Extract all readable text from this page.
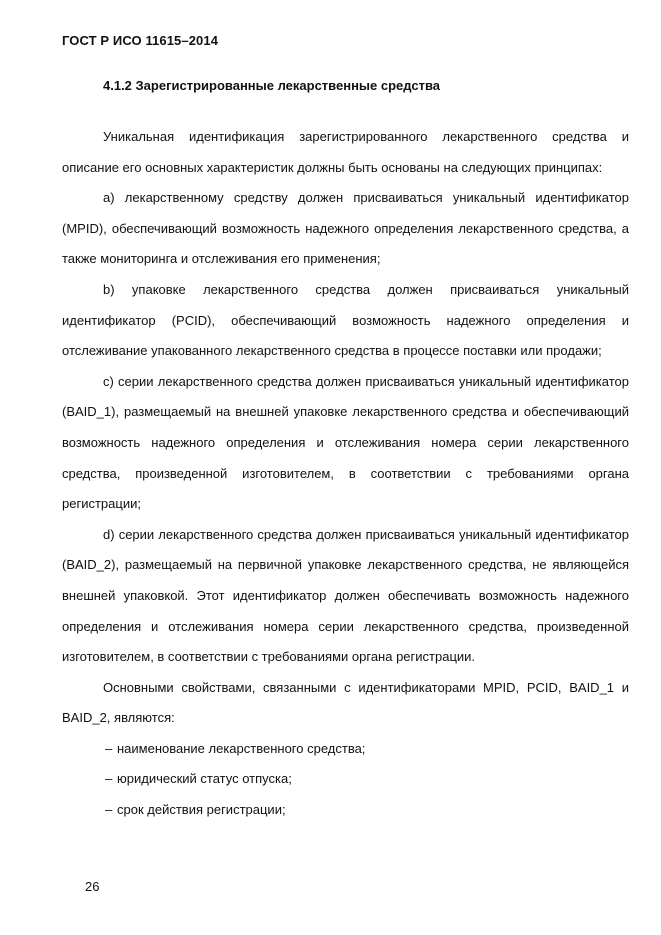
ГОСТ Р ИСО 11615–2014
4.1.2 Зарегистрированные лекарственные средства

Уникальная идентификация зарегистрированного лекарственного средства и описание его основных характеристик должны быть основаны на следующих принципах:

a) лекарственному средству должен присваиваться уникальный идентификатор (MPID), обеспечивающий возможность надежного определения лекарственного средства, а также мониторинга и отслеживания его применения;

b) упаковке лекарственного средства должен присваиваться уникальный идентификатор (PCID), обеспечивающий возможность надежного определения и отслеживание упакованного лекарственного средства в процессе поставки или продажи;

c) серии лекарственного средства должен присваиваться уникальный идентификатор (BAID_1), размещаемый на внешней упаковке лекарственного средства и обеспечивающий возможность надежного определения и отслеживания номера серии лекарственного средства, произведенной изготовителем, в соответствии с требованиями органа регистрации;

d) серии лекарственного средства должен присваиваться уникальный идентификатор (BAID_2), размещаемый на первичной упаковке лекарственного средства, не являющейся внешней упаковкой. Этот идентификатор должен обеспечивать возможность надежного определения и отслеживания номера серии лекарственного средства, произведенной изготовителем, в соответствии с требованиями органа регистрации.

Основными свойствами, связанными с идентификаторами MPID, PCID, BAID_1 и BAID_2, являются:

– наименование лекарственного средства;
– юридический статус отпуска;
– срок действия регистрации;
26
